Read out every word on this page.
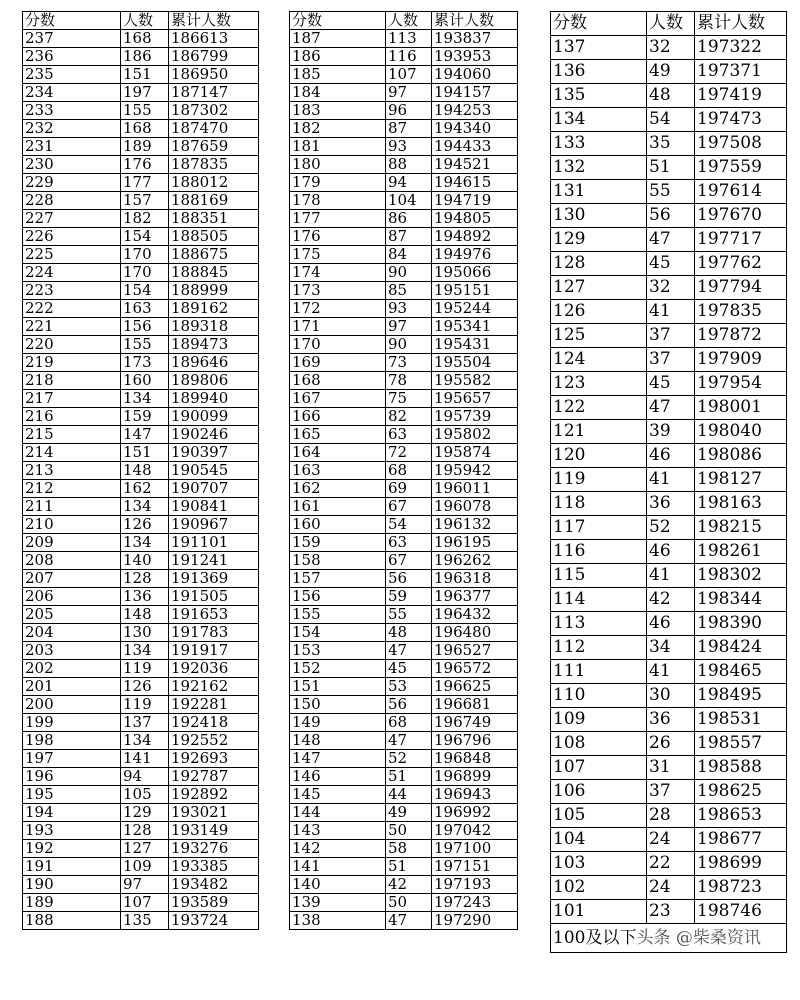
分数	人数	累计人数
237	168	186613
236	186	186799
235	151	186950
234	197	187147
233	155	187302
232	168	187470
231	189	187659
230	176	187835
229	177	188012
228	157	188169
227	182	188351
226	154	188505
225	170	188675
224	170	188845
223	154	188999
222	163	189162
221	156	189318
220	155	189473
219	173	189646
218	160	189806
217	134	189940
216	159	190099
215	147	190246
214	151	190397
213	148	190545
212	162	190707
211	134	190841
210	126	190967
209	134	191101
208	140	191241
207	128	191369
206	136	191505
205	148	191653
204	130	191783
203	134	191917
202	119	192036
201	126	192162
200	119	192281
199	137	192418
198	134	192552
197	141	192693
196	94	192787
195	105	192892
194	129	193021
193	128	193149
192	127	193276
191	109	193385
190	97	193482
189	107	193589
188	135	193724
分数	人数	累计人数
187	113	193837
186	116	193953
185	107	194060
184	97	194157
183	96	194253
182	87	194340
181	93	194433
180	88	194521
179	94	194615
178	104	194719
177	86	194805
176	87	194892
175	84	194976
174	90	195066
173	85	195151
172	93	195244
171	97	195341
170	90	195431
169	73	195504
168	78	195582
167	75	195657
166	82	195739
165	63	195802
164	72	195874
163	68	195942
162	69	196011
161	67	196078
160	54	196132
159	63	196195
158	67	196262
157	56	196318
156	59	196377
155	55	196432
154	48	196480
153	47	196527
152	45	196572
151	53	196625
150	56	196681
149	68	196749
148	47	196796
147	52	196848
146	51	196899
145	44	196943
144	49	196992
143	50	197042
142	58	197100
141	51	197151
140	42	197193
139	50	197243
138	47	197290
分数	人数	累计人数
137	32	197322
136	49	197371
135	48	197419
134	54	197473
133	35	197508
132	51	197559
131	55	197614
130	56	197670
129	47	197717
128	45	197762
127	32	197794
126	41	197835
125	37	197872
124	37	197909
123	45	197954
122	47	198001
121	39	198040
120	46	198086
119	41	198127
118	36	198163
117	52	198215
116	46	198261
115	41	198302
114	42	198344
113	46	198390
112	34	198424
111	41	198465
110	30	198495
109	36	198531
108	26	198557
107	31	198588
106	37	198625
105	28	198653
104	24	198677
103	22	198699
102	24	198723
101	23	198746
100及以下头条 @柴桑资讯		
